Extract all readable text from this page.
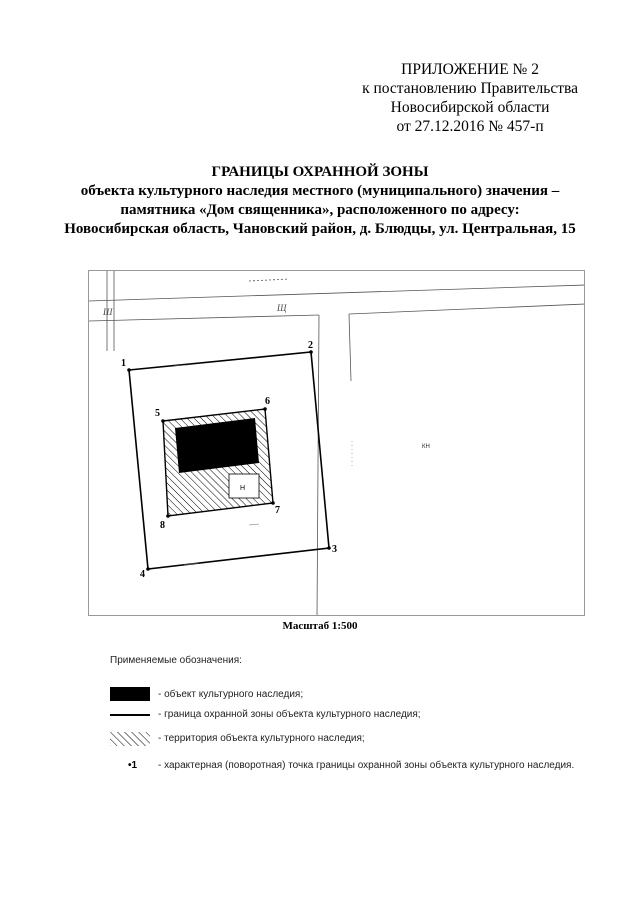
ПРИЛОЖЕНИЕ № 2
к постановлению Правительства
Новосибирской области
от 27.12.2016 № 457-п
ГРАНИЦЫ ОХРАННОЙ ЗОНЫ
объекта культурного наследия местного (муниципального) значения –
памятника «Дом священника», расположенного по адресу:
Новосибирская область, Чановский район, д. Блюдцы, ул. Центральная, 15
Н
1
2
3
4
5
6
7
8
Ш	Щ
КН
Масштаб 1:500
Применяемые обозначения:
- объект культурного наследия;
- граница охранной зоны объекта культурного наследия;
- территория объекта культурного наследия;
•1	- характерная (поворотная) точка границы охранной зоны объекта культурного наследия.
